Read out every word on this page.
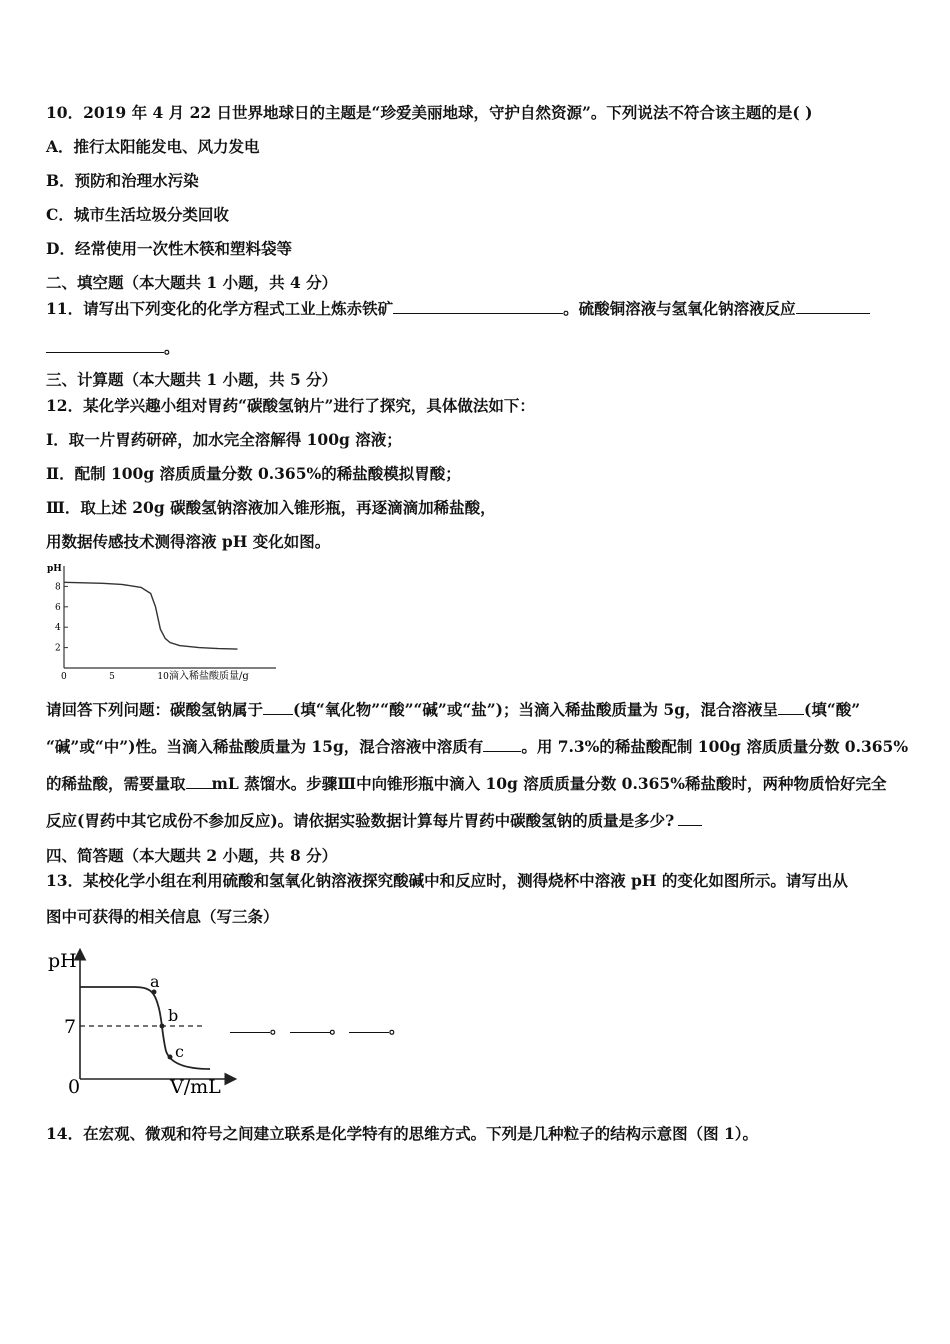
10．2019 年 4 月 22 日世界地球日的主题是“珍爱美丽地球，守护自然资源”。下列说法不符合该主题的是( )
A．推行太阳能发电、风力发电
B．预防和治理水污染
C．城市生活垃圾分类回收
D．经常使用一次性木筷和塑料袋等
二、填空题（本大题共 1 小题，共 4 分）
11．请写出下列变化的化学方程式工业上炼赤铁矿	。硫酸铜溶液与氢氧化钠溶液反应
。
三、计算题（本大题共 1 小题，共 5 分）
12．某化学兴趣小组对胃药“碳酸氢钠片”进行了探究，具体做法如下：
Ⅰ．取一片胃药研碎，加水完全溶解得 100g 溶液；
Ⅱ．配制 100g 溶质质量分数 0.365%的稀盐酸模拟胃酸；
Ⅲ．取上述 20g 碳酸氢钠溶液加入锥形瓶，再逐滴滴加稀盐酸，
用数据传感技术测得溶液 pH 变化如图。
pH
8
6
4
2
0	5	10 滴入稀盐酸质量/g
请回答下列问题：碳酸氢钠属于 (填“氧化物”“酸”“碱”或“盐”)；当滴入稀盐酸质量为 5g，混合溶液呈 (填“酸”
“碱”或“中”)性。当滴入稀盐酸质量为 15g，混合溶液中溶质有 。用 7.3%的稀盐酸配制 100g 溶质质量分数 0.365%
的稀盐酸，需要量取 mL 蒸馏水。步骤Ⅲ中向锥形瓶中滴入 10g 溶质质量分数 0.365%稀盐酸时，两种物质恰好完全
反应(胃药中其它成份不参加反应)。请依据实验数据计算每片胃药中碳酸氢钠的质量是多少?
四、简答题（本大题共 2 小题，共 8 分）
13．某校化学小组在利用硫酸和氢氧化钠溶液探究酸碱中和反应时，测得烧杯中溶液 pH 的变化如图所示。请写出从
图中可获得的相关信息（写三条）
pH
7
0	V/mL
a
b
c
。	。	。
14．在宏观、微观和符号之间建立联系是化学特有的思维方式。下列是几种粒子的结构示意图（图 1）。
